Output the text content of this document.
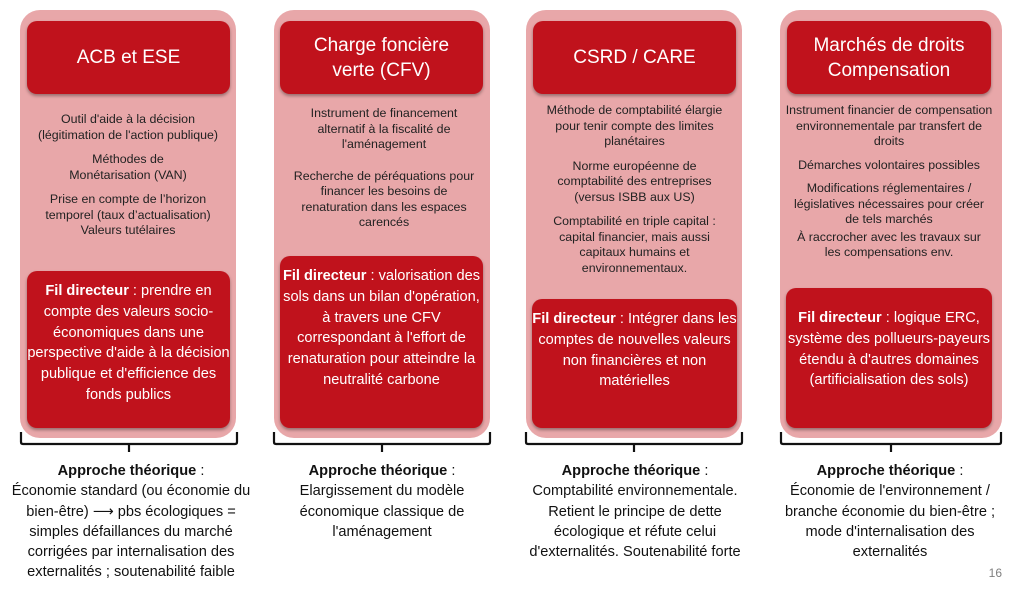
ACB et ESE

Outil d'aide à la décision (légitimation de l'action publique)

Méthodes de Monétarisation (VAN)

Prise en compte de l’horizon temporel (taux d’actualisation) Valeurs tutélaires

Fil directeur : prendre en compte des valeurs socio-économiques dans une perspective d'aide à la décision publique et d'efficience des fonds publics
Approche théorique :
Économie standard (ou économie du bien-être) ⟶ pbs écologiques = simples défaillances du marché corrigées par internalisation des externalités ; soutenabilité faible
Charge foncière verte (CFV)

Instrument de financement alternatif à la fiscalité de l'aménagement

Recherche de péréquations pour financer les besoins de renaturation dans les espaces carencés

Fil directeur : valorisation des sols dans un bilan d'opération, à travers une CFV correspondant à l'effort de renaturation pour atteindre la neutralité carbone
Approche théorique :
Elargissement du modèle économique classique de l'aménagement
CSRD / CARE

Méthode de comptabilité élargie pour tenir compte des limites planétaires

Norme européenne de comptabilité des entreprises (versus ISBB aux US)

Comptabilité en triple capital : capital financier, mais aussi capitaux humains et environnementaux.

Fil directeur : Intégrer dans les comptes de nouvelles valeurs non financières et non matérielles
Approche théorique :
Comptabilité environnementale. Retient le principe de dette écologique et réfute celui d'externalités. Soutenabilité forte
Marchés de droits Compensation

Instrument financier de compensation environnementale par transfert de droits

Démarches volontaires possibles

Modifications réglementaires / législatives nécessaires pour créer de tels marchés

À raccrocher avec les travaux sur les compensations env.

Fil directeur : logique ERC, système des pollueurs-payeurs étendu à d'autres domaines (artificialisation des sols)
Approche théorique :
Économie de l'environnement / branche économie du bien-être ; mode d'internalisation des externalités
16
